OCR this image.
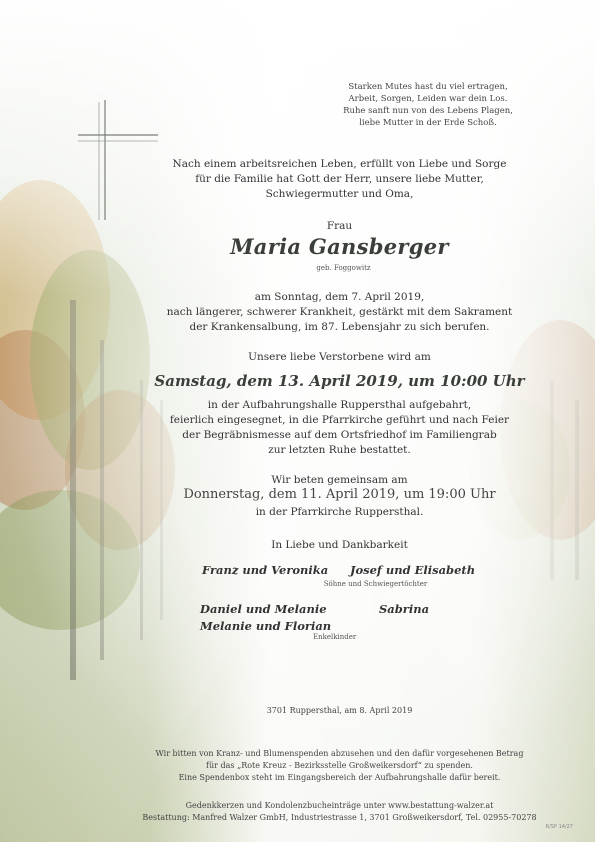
Starken Mutes hast du viel ertragen,
Arbeit, Sorgen, Leiden war dein Los.
Ruhe sanft nun von des Lebens Plagen,
liebe Mutter in der Erde Schoß.
Nach einem arbeitsreichen Leben, erfüllt von Liebe und Sorge
für die Familie hat Gott der Herr, unsere liebe Mutter,
Schwiegermutter und Oma,
Frau
Maria Gansberger
geb. Foggowitz
am Sonntag, dem 7. April 2019,
nach längerer, schwerer Krankheit, gestärkt mit dem Sakrament
der Krankensalbung, im 87. Lebensjahr zu sich berufen.
Unsere liebe Verstorbene wird am
Samstag, dem 13. April 2019, um 10:00 Uhr
in der Aufbahrungshalle Ruppersthal aufgebahrt,
feierlich eingesegnet, in die Pfarrkirche geführt und nach Feier
der Begräbnismesse auf dem Ortsfriedhof im Familiengrab
zur letzten Ruhe bestattet.
Wir beten gemeinsam am
Donnerstag, dem 11. April 2019, um 19:00 Uhr
in der Pfarrkirche Ruppersthal.
In Liebe und Dankbarkeit
Franz und Veronika Josef und Elisabeth
Söhne und Schwiegertöchter
Daniel und Melanie	Sabrina
Melanie und Florian
Enkelkinder
3701 Ruppersthal, am 8. April 2019
Wir bitten von Kranz- und Blumenspenden abzusehen und den dafür vorgesehenen Betrag
für das „Rote Kreuz - Bezirksstelle Großweikersdorf“ zu spenden.
Eine Spendenbox steht im Eingangsbereich der Aufbahrungshalle dafür bereit.
Gedenkkerzen und Kondolenzbucheinträge unter www.bestattung-walzer.at
Bestattung: Manfred Walzer GmbH, Industriestrasse 1, 3701 Großweikersdorf, Tel. 02955-70278
R/SP 14/27
